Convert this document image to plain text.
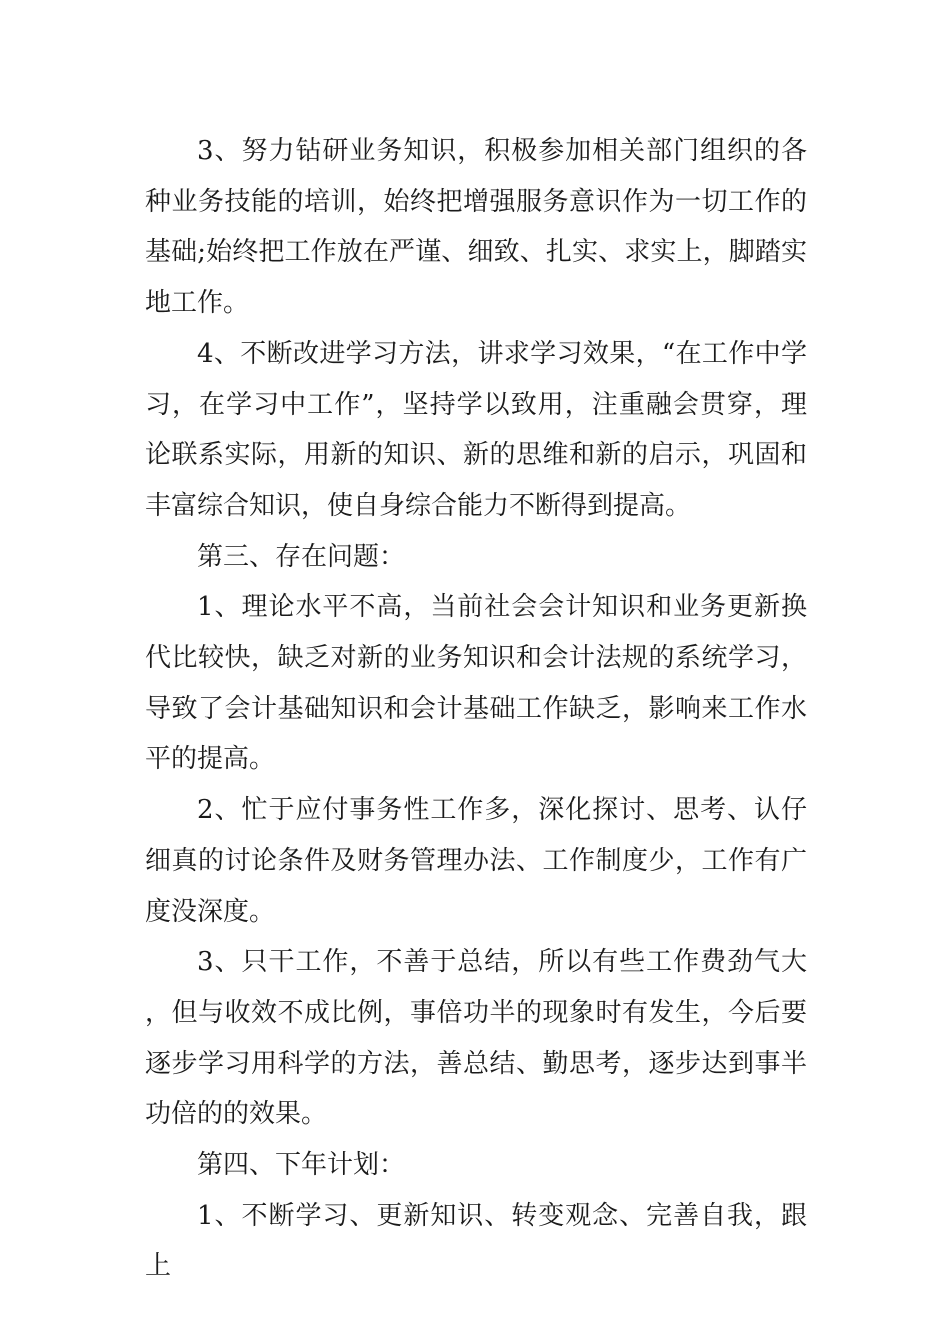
3、努力钻研业务知识，积极参加相关部门组织的各种业务技能的培训，始终把增强服务意识作为一切工作的基础;始终把工作放在严谨、细致、扎实、求实上，脚踏实地工作。

4、不断改进学习方法，讲求学习效果，“在工作中学习，在学习中工作”，坚持学以致用，注重融会贯穿，理论联系实际，用新的知识、新的思维和新的启示，巩固和丰富综合知识，使自身综合能力不断得到提高。

第三、存在问题：

1、理论水平不高，当前社会会计知识和业务更新换代比较快，缺乏对新的业务知识和会计法规的系统学习，导致了会计基础知识和会计基础工作缺乏，影响来工作水平的提高。

2、忙于应付事务性工作多，深化探讨、思考、认仔细真的讨论条件及财务管理办法、工作制度少，工作有广度没深度。

3、只干工作，不善于总结，所以有些工作费劲气大，但与收效不成比例，事倍功半的现象时有发生，今后要逐步学习用科学的方法，善总结、勤思考，逐步达到事半功倍的的效果。

第四、下年计划：

1、不断学习、更新知识、转变观念、完善自我，跟上
